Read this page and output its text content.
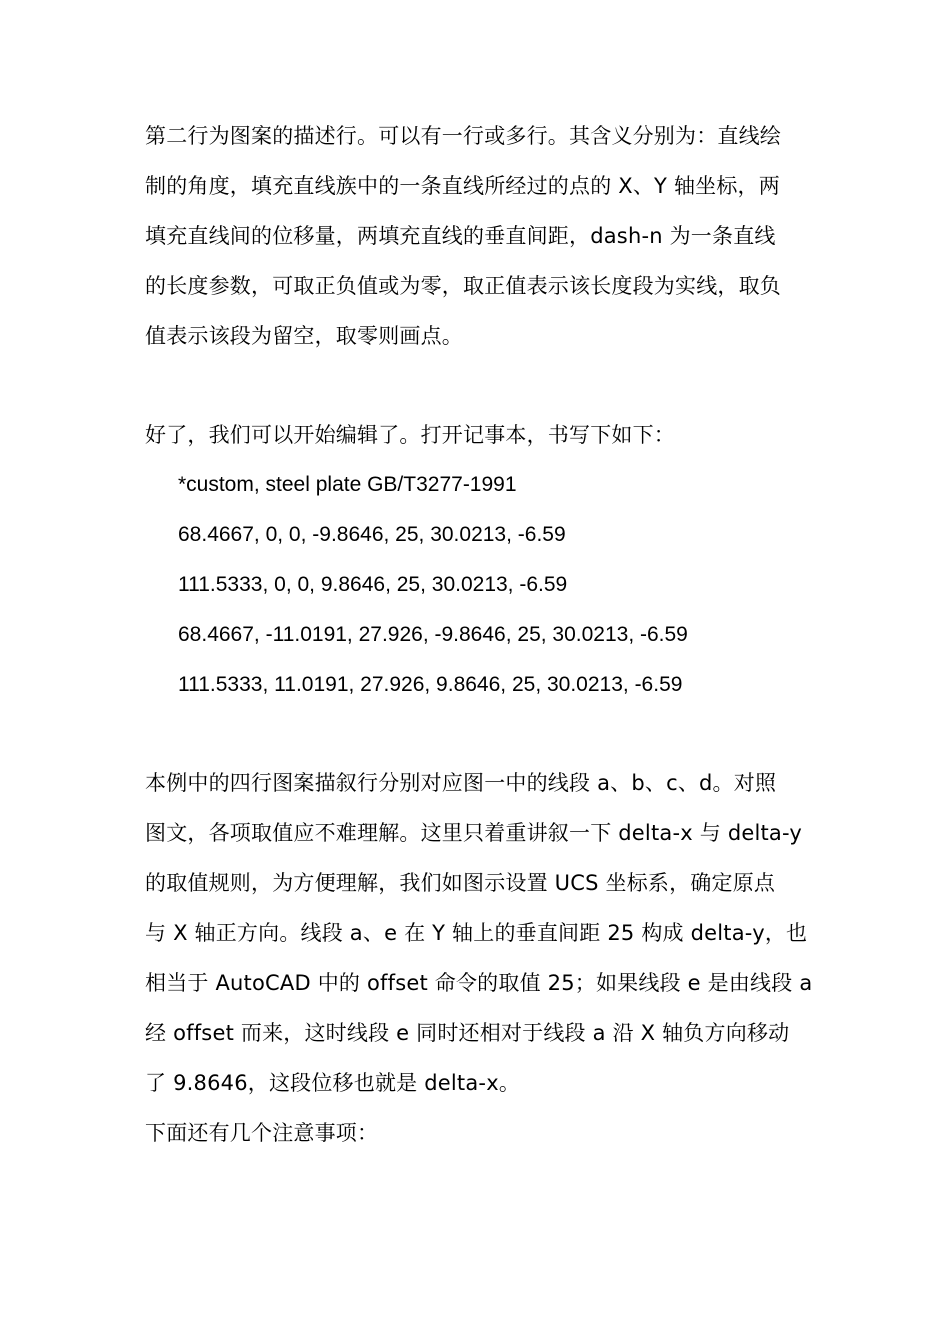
第二行为图案的描述行。可以有一行或多行。其含义分别为：直线绘
制的角度，填充直线族中的一条直线所经过的点的 X、Y 轴坐标，两
填充直线间的位移量，两填充直线的垂直间距，dash-n 为一条直线
的长度参数，可取正负值或为零，取正值表示该长度段为实线，取负
值表示该段为留空，取零则画点。
好了，我们可以开始编辑了。打开记事本，书写下如下：
*custom, steel plate GB/T3277-1991
68.4667, 0, 0, -9.8646, 25, 30.0213, -6.59
111.5333, 0, 0, 9.8646, 25, 30.0213, -6.59
68.4667, -11.0191, 27.926, -9.8646, 25, 30.0213, -6.59
111.5333, 11.0191, 27.926, 9.8646, 25, 30.0213, -6.59
本例中的四行图案描叙行分别对应图一中的线段 a、b、c、d。对照
图文，各项取值应不难理解。这里只着重讲叙一下 delta-x 与 delta-y
的取值规则，为方便理解，我们如图示设置 UCS 坐标系，确定原点
与 X 轴正方向。线段 a、e 在 Y 轴上的垂直间距 25 构成 delta-y，也
相当于 AutoCAD 中的 offset 命令的取值 25；如果线段 e 是由线段 a
经 offset 而来，这时线段 e 同时还相对于线段 a 沿 X 轴负方向移动
了 9.8646，这段位移也就是 delta-x。
下面还有几个注意事项：
